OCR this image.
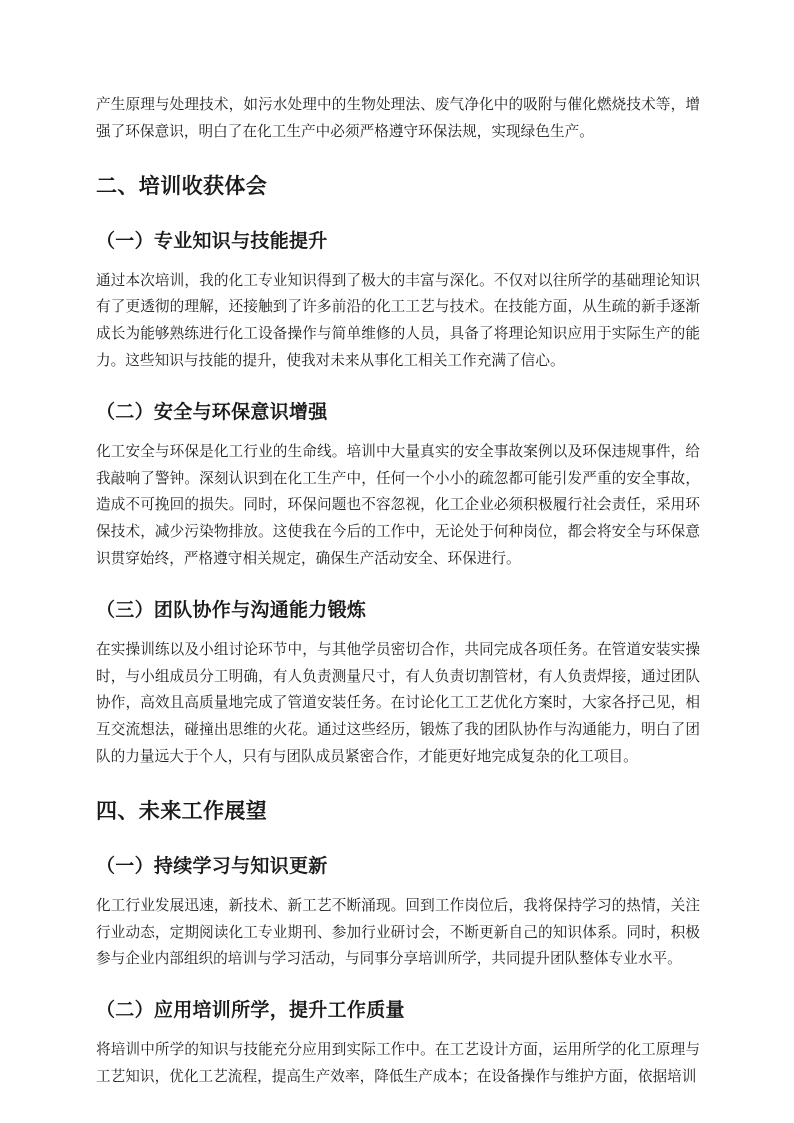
产生原理与处理技术，如污水处理中的生物处理法、废气净化中的吸附与催化燃烧技术等，增强了环保意识，明白了在化工生产中必须严格遵守环保法规，实现绿色生产。

二、培训收获体会
（一）专业知识与技能提升

通过本次培训，我的化工专业知识得到了极大的丰富与深化。不仅对以往所学的基础理论知识有了更透彻的理解，还接触到了许多前沿的化工工艺与技术。在技能方面，从生疏的新手逐渐成长为能够熟练进行化工设备操作与简单维修的人员，具备了将理论知识应用于实际生产的能力。这些知识与技能的提升，使我对未来从事化工相关工作充满了信心。

（二）安全与环保意识增强

化工安全与环保是化工行业的生命线。培训中大量真实的安全事故案例以及环保违规事件，给我敲响了警钟。深刻认识到在化工生产中，任何一个小小的疏忽都可能引发严重的安全事故，造成不可挽回的损失。同时，环保问题也不容忽视，化工企业必须积极履行社会责任，采用环保技术，减少污染物排放。这使我在今后的工作中，无论处于何种岗位，都会将安全与环保意识贯穿始终，严格遵守相关规定，确保生产活动安全、环保进行。

（三）团队协作与沟通能力锻炼

在实操训练以及小组讨论环节中，与其他学员密切合作，共同完成各项任务。在管道安装实操时，与小组成员分工明确，有人负责测量尺寸，有人负责切割管材，有人负责焊接，通过团队协作，高效且高质量地完成了管道安装任务。在讨论化工工艺优化方案时，大家各抒己见，相互交流想法，碰撞出思维的火花。通过这些经历，锻炼了我的团队协作与沟通能力，明白了团队的力量远大于个人，只有与团队成员紧密合作，才能更好地完成复杂的化工项目。

四、未来工作展望
（一）持续学习与知识更新

化工行业发展迅速，新技术、新工艺不断涌现。回到工作岗位后，我将保持学习的热情，关注行业动态，定期阅读化工专业期刊、参加行业研讨会，不断更新自己的知识体系。同时，积极参与企业内部组织的培训与学习活动，与同事分享培训所学，共同提升团队整体专业水平。

（二）应用培训所学，提升工作质量

将培训中所学的知识与技能充分应用到实际工作中。在工艺设计方面，运用所学的化工原理与工艺知识，优化工艺流程，提高生产效率，降低生产成本；在设备操作与维护方面，依据培训
